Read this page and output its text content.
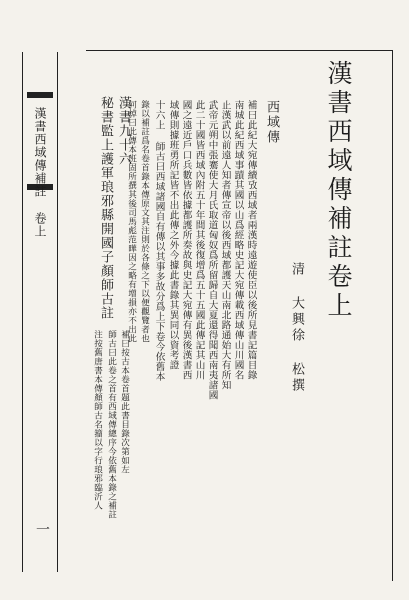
漢書西域傳補註
卷上
一
漢書西域傳補註卷上
清 大興徐 松撰
西域傳
補曰此紀大宛傳續攷西域者兩漢時遠遊使臣以後所見書記篇目錄
南城此紀西域事蹟其國以山爲經略史記大宛傳載西域傳山川國名
止漢武以前遠人知者傳宣帝以後西域都護天山南北路通始大有所知
武帝元朔中張騫使大月氏取道匈奴爲所留歸自大夏還得聞西南夷諸國
此二十國皆西域內附五十年間其後復增爲五十五國此傳記其山川
國之遠近戶口兵數皆依據都護所奏故與史記大宛傳有異後漢書西
域傳則據班勇所記皆不出此傳之外今據此書錄其異同以資考證
十六上 師古曰西域諸國自有傳以其事多故分爲上下卷今依舊本
錄以補註爲名卷首錄本傳原文其注則於各條之下以便觀覽者也
何焯曰此傳本班固所撰其後司馬彪范曄因之略有增損亦不出此
漢書九十六
秘書監上護軍琅邪縣開國子顏師古註
補曰按古本卷首題此書目錄次第如左
師古曰此卷之首有西域傳總序今依舊本錄之補註
注按舊唐書本傳顏師古名籀以字行琅邪臨沂人
